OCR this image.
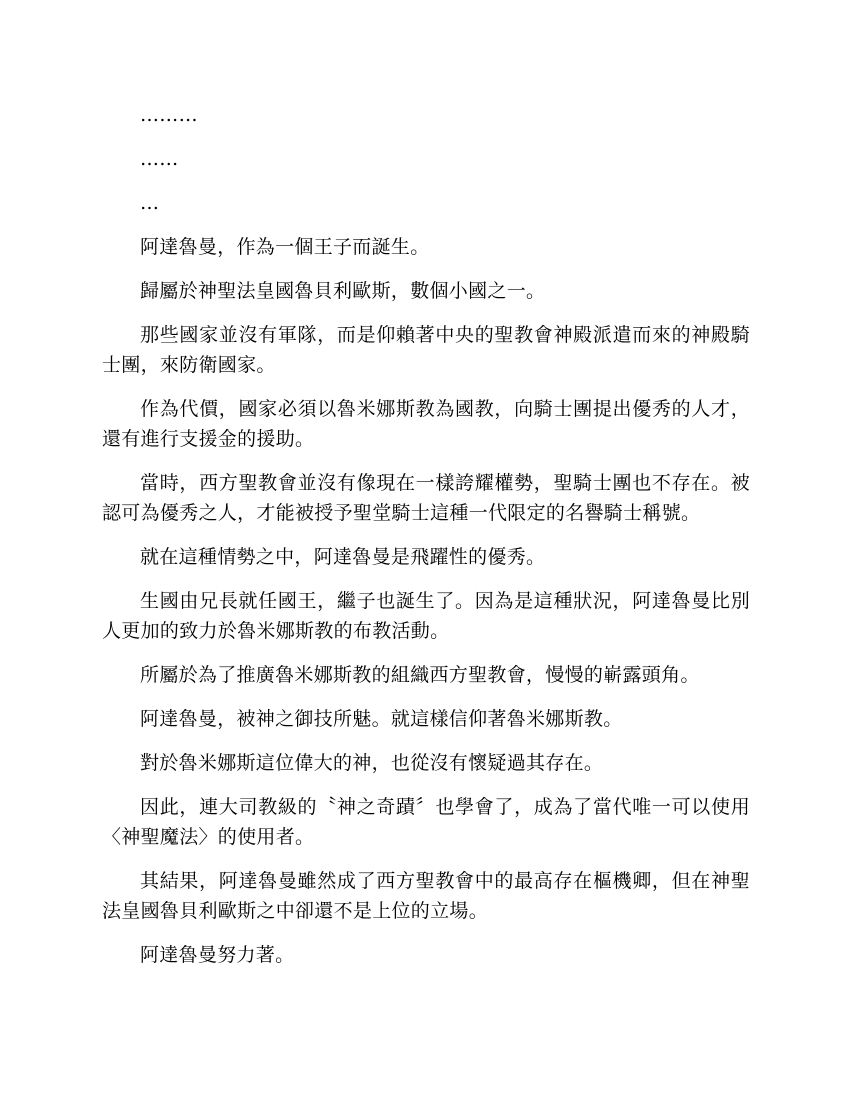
………

……

…

阿達魯曼，作為一個王子而誕生。

歸屬於神聖法皇國魯貝利歐斯，數個小國之一。

那些國家並沒有軍隊，而是仰賴著中央的聖教會神殿派遣而來的神殿騎士團，來防衛國家。

作為代價，國家必須以魯米娜斯教為國教，向騎士團提出優秀的人才，還有進行支援金的援助。

當時，西方聖教會並沒有像現在一樣誇耀權勢，聖騎士團也不存在。被認可為優秀之人，才能被授予聖堂騎士這種一代限定的名譽騎士稱號。

就在這種情勢之中，阿達魯曼是飛躍性的優秀。

生國由兄長就任國王，繼子也誕生了。因為是這種狀況，阿達魯曼比別人更加的致力於魯米娜斯教的布教活動。

所屬於為了推廣魯米娜斯教的組織西方聖教會，慢慢的嶄露頭角。

阿達魯曼，被神之御技所魅。就這樣信仰著魯米娜斯教。

對於魯米娜斯這位偉大的神，也從沒有懷疑過其存在。

因此，連大司教級的〝神之奇蹟〞也學會了，成為了當代唯一可以使用〈神聖魔法〉的使用者。

其結果，阿達魯曼雖然成了西方聖教會中的最高存在樞機卿，但在神聖法皇國魯貝利歐斯之中卻還不是上位的立場。

阿達魯曼努力著。
